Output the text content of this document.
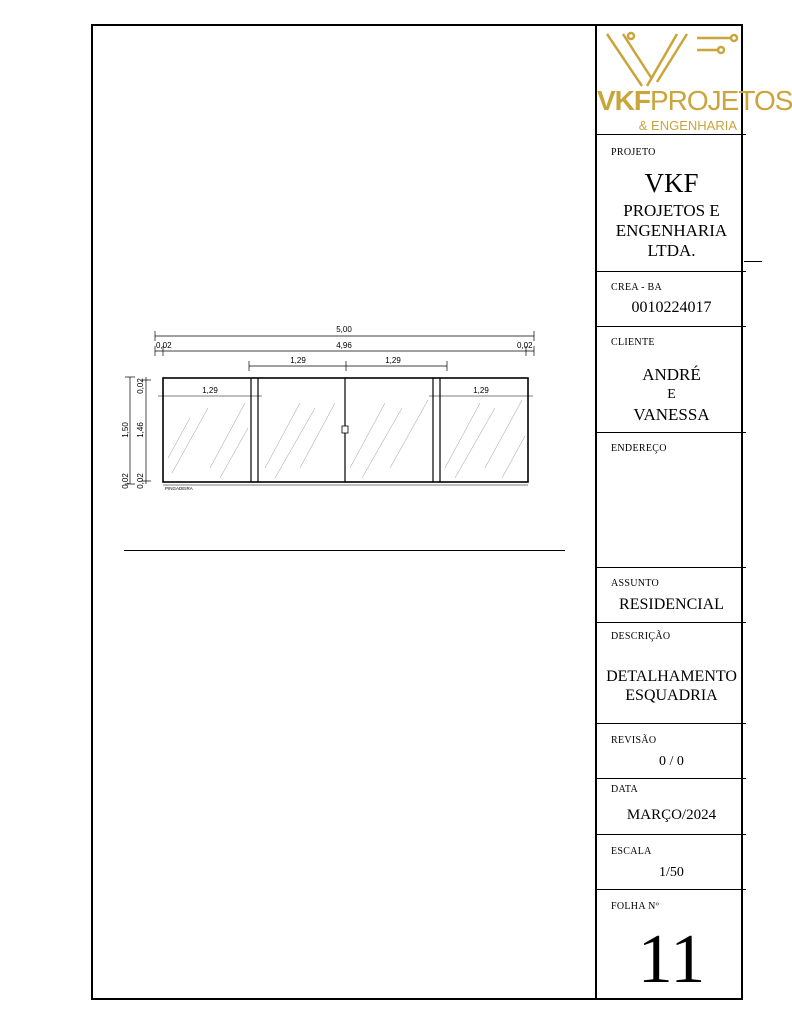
5,00
0,02	4,96	0,02
1,29	1,29
1,50
0,02
1,46
0,02
0,02	PINGADEIRA
1,29	1,29
VKFPROJETOS
& ENGENHARIA
PROJETO
VKF
PROJETOS E
ENGENHARIA
LTDA.
CREA - BA
0010224017
CLIENTE
ANDRÉ
E
VANESSA
ENDEREÇO
ASSUNTO
RESIDENCIAL
DESCRIÇÃO
DETALHAMENTO
ESQUADRIA
REVISÃO
0 / 0
DATA
MARÇO/2024
ESCALA
1/50
FOLHA Nº
11
